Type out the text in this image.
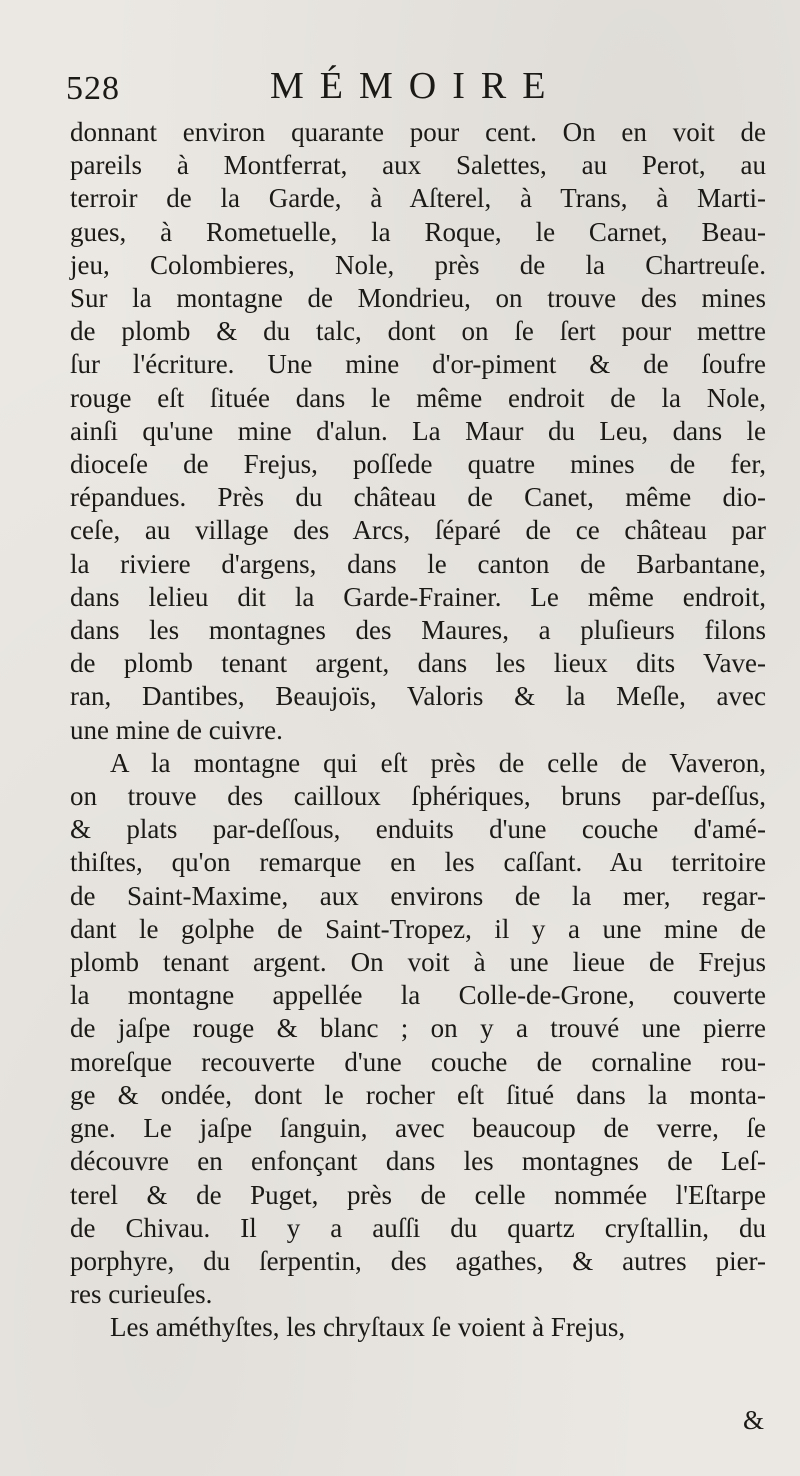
528	MÉMOIRE
donnant environ quarante pour cent. On en voit de
pareils à Montferrat, aux Salettes, au Perot, au
terroir de la Garde, à Aſterel, à Trans, à Marti-
gues, à Rometuelle, la Roque, le Carnet, Beau-
jeu, Colombieres, Nole, près de la Chartreuſe.
Sur la montagne de Mondrieu, on trouve des mines
de plomb & du talc, dont on ſe ſert pour mettre
ſur l'écriture. Une mine d'or-piment & de ſoufre
rouge eſt ſituée dans le même endroit de la Nole,
ainſi qu'une mine d'alun. La Maur du Leu, dans le
dioceſe de Frejus, poſſede quatre mines de fer,
répandues. Près du château de Canet, même dio-
ceſe, au village des Arcs, ſéparé de ce château par
la riviere d'argens, dans le canton de Barbantane,
dans lelieu dit la Garde-Frainer. Le même endroit,
dans les montagnes des Maures, a pluſieurs filons
de plomb tenant argent, dans les lieux dits Vave-
ran, Dantibes, Beaujoïs, Valoris & la Meſle, avec
une mine de cuivre.
A la montagne qui eſt près de celle de Vaveron,
on trouve des cailloux ſphériques, bruns par-deſſus,
& plats par-deſſous, enduits d'une couche d'amé-
thiſtes, qu'on remarque en les caſſant. Au territoire
de Saint-Maxime, aux environs de la mer, regar-
dant le golphe de Saint-Tropez, il y a une mine de
plomb tenant argent. On voit à une lieue de Frejus
la montagne appellée la Colle-de-Grone, couverte
de jaſpe rouge & blanc ; on y a trouvé une pierre
moreſque recouverte d'une couche de cornaline rou-
ge & ondée, dont le rocher eſt ſitué dans la monta-
gne. Le jaſpe ſanguin, avec beaucoup de verre, ſe
découvre en enfonçant dans les montagnes de Leſ-
terel & de Puget, près de celle nommée l'Eſtarpe
de Chivau. Il y a auſſi du quartz cryſtallin, du
porphyre, du ſerpentin, des agathes, & autres pier-
res curieuſes.
Les améthyſtes, les chryſtaux ſe voient à Frejus,
&
